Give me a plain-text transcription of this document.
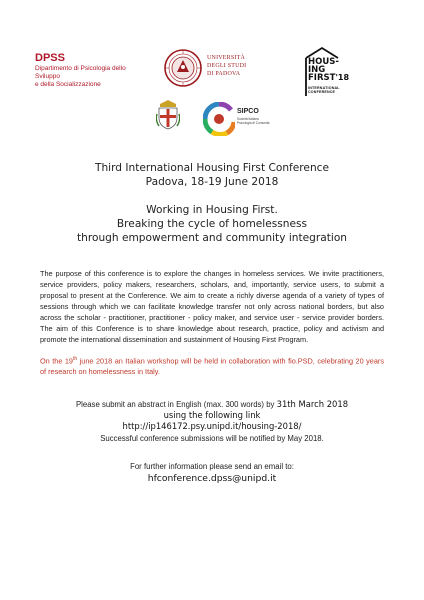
DPSS
Dipartimento di Psicologia dello
Sviluppo
e della Socializzazione
UNIVERSITÀ
DEGLI STUDI
DI PADOVA
HOUS-
ING
FIRST'18
INTERNATIONAL
CONFERENCE
SIPCO
Società Italiana Psicologia di Comunità
Third International Housing First Conference
Padova, 18-19 June 2018
Working in Housing First.
Breaking the cycle of homelessness
through empowerment and community integration
The purpose of this conference is to explore the changes in homeless services. We invite practitioners, service providers, policy makers, researchers, scholars, and, importantly, service users, to submit a proposal to present at the Conference. We aim to create a richly diverse agenda of a variety of types of sessions through which we can facilitate knowledge transfer not only across national borders, but also across the scholar - practitioner, practitioner - policy maker, and service user - service provider borders. The aim of this Conference is to share knowledge about research, practice, policy and activism and promote the international dissemination and sustainment of Housing First Program.
On the 19th june 2018 an Italian workshop will be held in collaboration with fio.PSD, celebrating 20 years of research on homelessness in Italy.
Please submit an abstract in English (max. 300 words) by 31th March 2018
using the following link
http://ip146172.psy.unipd.it/housing-2018/
Successful conference submissions will be notified by May 2018.
For further information please send an email to:
hfconference.dpss@unipd.it
